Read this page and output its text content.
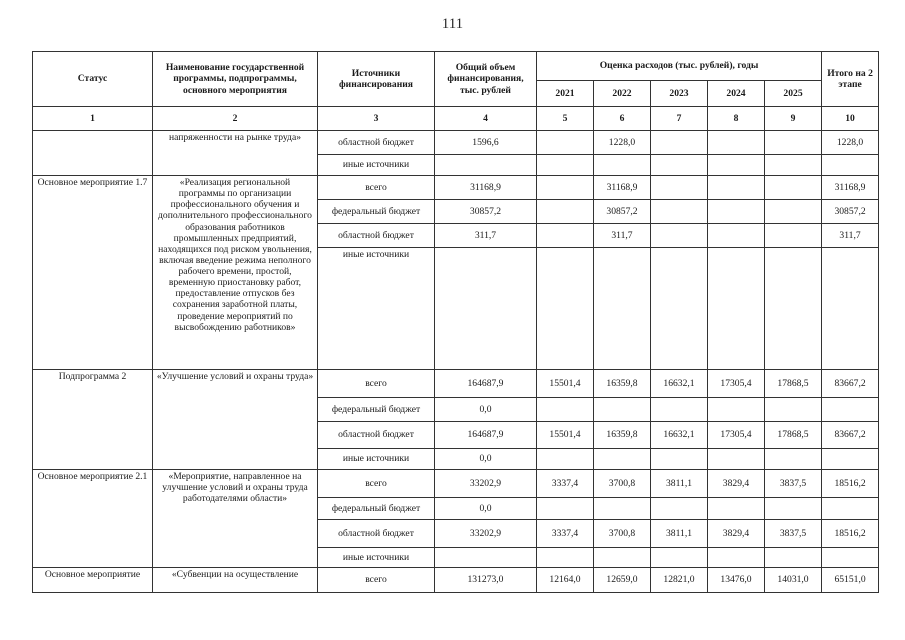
111
Статус	Наименование государственной программы, подпрограммы, основного мероприятия	Источники финансирования	Общий объем финансирования, тыс. рублей	Оценка расходов (тыс. рублей), годы					Итого на 2 этапе
				2021	2022	2023	2024	2025	
1	2	3	4	5	6	7	8	9	10
	напряженности на рынке труда»	областной бюджет	1596,6		1228,0				1228,0
		иные источники							
Основное мероприятие 1.7	«Реализация региональной программы по организации профессионального обучения и дополнительного профессионального образования работников промышленных предприятий, находящихся под риском увольнения, включая введение режима неполного рабочего времени, простой, временную приостановку работ, предоставление отпусков без сохранения заработной платы, проведение мероприятий по высвобождению работников»	всего	31168,9		31168,9				31168,9
		федеральный бюджет	30857,2		30857,2				30857,2
		областной бюджет	311,7		311,7				311,7
		иные источники							
Подпрограмма 2	«Улучшение условий и охраны труда»	всего	164687,9	15501,4	16359,8	16632,1	17305,4	17868,5	83667,2
		федеральный бюджет	0,0						
		областной бюджет	164687,9	15501,4	16359,8	16632,1	17305,4	17868,5	83667,2
		иные источники	0,0						
Основное мероприятие 2.1	«Мероприятие, направленное на улучшение условий и охраны труда работодателями области»	всего	33202,9	3337,4	3700,8	3811,1	3829,4	3837,5	18516,2
		федеральный бюджет	0,0						
		областной бюджет	33202,9	3337,4	3700,8	3811,1	3829,4	3837,5	18516,2
		иные источники							
Основное мероприятие	«Субвенции на осуществление	всего	131273,0	12164,0	12659,0	12821,0	13476,0	14031,0	65151,0
